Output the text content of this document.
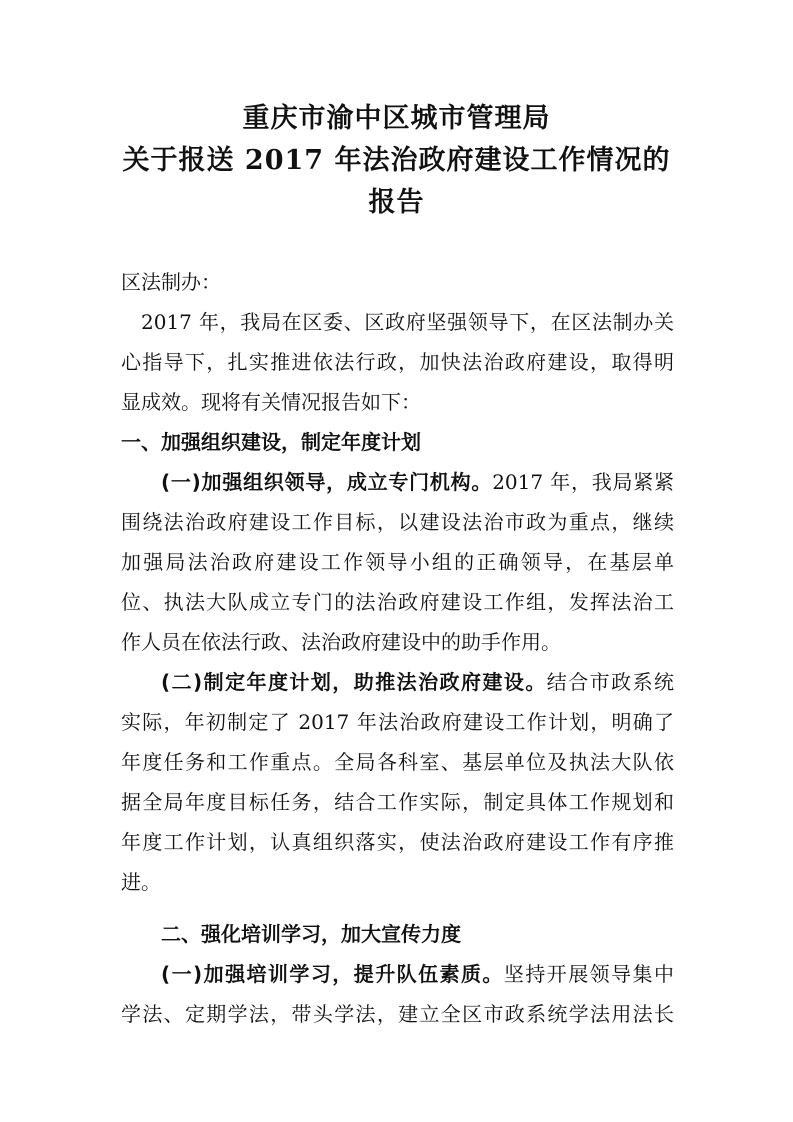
重庆市渝中区城市管理局
关于报送 2017 年法治政府建设工作情况的
报告
区法制办：
2017 年，我局在区委、区政府坚强领导下，在区法制办关
心指导下，扎实推进依法行政，加快法治政府建设，取得明
显成效。现将有关情况报告如下：
一、加强组织建设，制定年度计划
(一)加强组织领导，成立专门机构。2017 年，我局紧紧
围绕法治政府建设工作目标，以建设法治市政为重点，继续
加强局法治政府建设工作领导小组的正确领导，在基层单
位、执法大队成立专门的法治政府建设工作组，发挥法治工
作人员在依法行政、法治政府建设中的助手作用。
(二)制定年度计划，助推法治政府建设。结合市政系统
实际，年初制定了 2017 年法治政府建设工作计划，明确了
年度任务和工作重点。全局各科室、基层单位及执法大队依
据全局年度目标任务，结合工作实际，制定具体工作规划和
年度工作计划，认真组织落实，使法治政府建设工作有序推
进。
二、强化培训学习，加大宣传力度
(一)加强培训学习，提升队伍素质。坚持开展领导集中
学法、定期学法，带头学法，建立全区市政系统学法用法长
